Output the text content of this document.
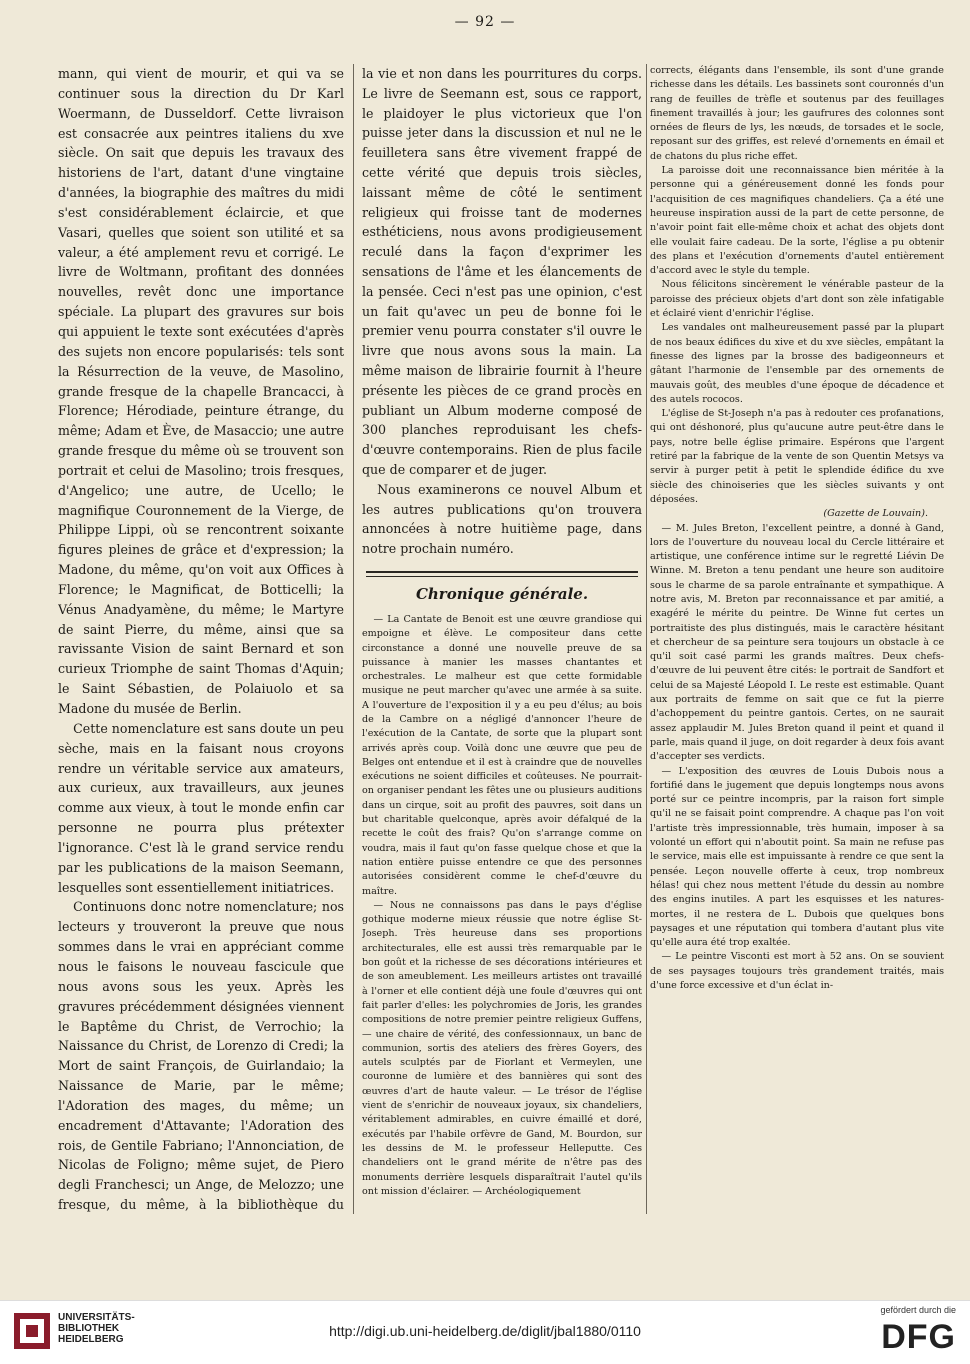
— 92 —

mann, qui vient de mourir, et qui va se continuer sous la direction du Dr Karl Woermann, de Dusseldorf. Cette livraison est consacrée aux peintres italiens du xve siècle. On sait que depuis les travaux des historiens de l'art, datant d'une vingtaine d'années, la biographie des maîtres du midi s'est considérablement éclaircie, et que Vasari, quelles que soient son utilité et sa valeur, a été amplement revu et corrigé. Le livre de Woltmann, profitant des données nouvelles, revêt donc une importance spéciale. La plupart des gravures sur bois qui appuient le texte sont exécutées d'après des sujets non encore popularisés: tels sont la Résurrection de la veuve, de Masolino, grande fresque de la chapelle Brancacci, à Florence; Hérodiade, peinture étrange, du même; Adam et Ève, de Masaccio; une autre grande fresque du même où se trouvent son portrait et celui de Masolino; trois fresques, d'Angelico; une autre, de Ucello; le magnifique Couronnement de la Vierge, de Philippe Lippi, où se rencontrent soixante figures pleines de grâce et d'expression; la Madone, du même, qu'on voit aux Offices à Florence; le Magnificat, de Botticelli; la Vénus Anadyamène, du même; le Martyre de saint Pierre, du même, ainsi que sa ravissante Vision de saint Bernard et son curieux Triomphe de saint Thomas d'Aquin; le Saint Sébastien, de Polaiuolo et sa Madone du musée de Berlin.

Cette nomenclature est sans doute un peu sèche, mais en la faisant nous croyons rendre un véritable service aux amateurs, aux curieux, aux travailleurs, aux jeunes comme aux vieux, à tout le monde enfin car personne ne pourra plus prétexter l'ignorance. C'est là le grand service rendu par les publications de la maison Seemann, lesquelles sont essentiellement initiatrices.

Continuons donc notre nomenclature; nos lecteurs y trouveront la preuve que nous sommes dans le vrai en appréciant comme nous le faisons le nouveau fascicule que nous avons sous les yeux. Après les gravures précédemment désignées viennent le Baptême du Christ, de Verrochio; la Naissance du Christ, de Lorenzo di Credi; la Mort de saint François, de Guirlandaio; la Naissance de Marie, par le même; l'Adoration des mages, du même; un encadrement d'Attavante; l'Adoration des rois, de Gentile Fabriano; l'Annonciation, de Nicolas de Foligno; même sujet, de Piero degli Franchesci; un Ange, de Melozzo; une fresque, du même, à la bibliothèque du

la vie et non dans les pourritures du corps. Le livre de Seemann est, sous ce rapport, le plaidoyer le plus victorieux que l'on puisse jeter dans la discussion et nul ne le feuilletera sans être vivement frappé de cette vérité que depuis trois siècles, laissant même de côté le sentiment religieux qui froisse tant de modernes esthéticiens, nous avons prodigieusement reculé dans la façon d'exprimer les sensations de l'âme et les élancements de la pensée. Ceci n'est pas une opinion, c'est un fait qu'avec un peu de bonne foi le premier venu pourra constater s'il ouvre le livre que nous avons sous la main. La même maison de librairie fournit à l'heure présente les pièces de ce grand procès en publiant un Album moderne composé de 300 planches reproduisant les chefs-d'œuvre contemporains. Rien de plus facile que de comparer et de juger.

Nous examinerons ce nouvel Album et les autres publications qu'on trouvera annoncées à notre huitième page, dans notre prochain numéro.

Chronique générale.

— La Cantate de Benoit est une œuvre grandiose qui empoigne et élève. Le compositeur dans cette circonstance a donné une nouvelle preuve de sa puissance à manier les masses chantantes et orchestrales. Le malheur est que cette formidable musique ne peut marcher qu'avec une armée à sa suite. A l'ouverture de l'exposition il y a eu peu d'élus; au bois de la Cambre on a négligé d'annoncer l'heure de l'exécution de la Cantate, de sorte que la plupart sont arrivés après coup. Voilà donc une œuvre que peu de Belges ont entendue et il est à craindre que de nouvelles exécutions ne soient difficiles et coûteuses. Ne pourrait-on organiser pendant les fêtes une ou plusieurs auditions dans un cirque, soit au profit des pauvres, soit dans un but charitable quelconque, après avoir défalqué de la recette le coût des frais? Qu'on s'arrange comme on voudra, mais il faut qu'on fasse quelque chose et que la nation entière puisse entendre ce que des personnes autorisées considèrent comme le chef-d'œuvre du maître.

— Nous ne connaissons pas dans le pays d'église gothique moderne mieux réussie que notre église St-Joseph. Très heureuse dans ses proportions architecturales, elle est aussi très remarquable par le bon goût et la richesse de ses décorations intérieures et de son ameublement. Les meilleurs artistes ont travaillé à l'orner et elle contient déjà une foule d'œuvres qui ont fait parler d'elles: les polychromies de Joris, les grandes compositions de notre premier peintre religieux Guffens, — une chaire de vérité, des confessionnaux, un banc de communion, sortis des ateliers des frères Goyers, des autels sculptés par de Fiorlant et Vermeylen, une couronne de lumière et des bannières qui sont des œuvres d'art de haute valeur. — Le trésor de l'église vient de s'enrichir de nouveaux joyaux, six chandeliers, véritablement admirables, en cuivre émaillé et doré, exécutés par l'habile orfèvre de Gand, M. Bourdon, sur les dessins de M. le professeur Helleputte. Ces chandeliers ont le grand mérite de n'être pas des monuments derrière lesquels disparaîtrait l'autel qu'ils ont mission d'éclairer. — Archéologiquement

corrects, élégants dans l'ensemble, ils sont d'une grande richesse dans les détails. Les bassinets sont couronnés d'un rang de feuilles de trèfle et soutenus par des feuillages finement travaillés à jour; les gaufrures des colonnes sont ornées de fleurs de lys, les nœuds, de torsades et le socle, reposant sur des griffes, est relevé d'ornements en émail et de chatons du plus riche effet.

La paroisse doit une reconnaissance bien méritée à la personne qui a généreusement donné les fonds pour l'acquisition de ces magnifiques chandeliers. Ça a été une heureuse inspiration aussi de la part de cette personne, de n'avoir point fait elle-même choix et achat des objets dont elle voulait faire cadeau. De la sorte, l'église a pu obtenir des plans et l'exécution d'ornements d'autel entièrement d'accord avec le style du temple.

Nous félicitons sincèrement le vénérable pasteur de la paroisse des précieux objets d'art dont son zèle infatigable et éclairé vient d'enrichir l'église.

Les vandales ont malheureusement passé par la plupart de nos beaux édifices du xive et du xve siècles, empâtant la finesse des lignes par la brosse des badigeonneurs et gâtant l'harmonie de l'ensemble par des ornements de mauvais goût, des meubles d'une époque de décadence et des autels rococos.

L'église de St-Joseph n'a pas à redouter ces profanations, qui ont déshonoré, plus qu'aucune autre peut-être dans le pays, notre belle église primaire. Espérons que l'argent retiré par la fabrique de la vente de son Quentin Metsys va servir à purger petit à petit le splendide édifice du xve siècle des chinoiseries que les siècles suivants y ont déposées.

(Gazette de Louvain).

— M. Jules Breton, l'excellent peintre, a donné à Gand, lors de l'ouverture du nouveau local du Cercle littéraire et artistique, une conférence intime sur le regretté Liévin De Winne. M. Breton a tenu pendant une heure son auditoire sous le charme de sa parole entraînante et sympathique. A notre avis, M. Breton par reconnaissance et par amitié, a exagéré le mérite du peintre. De Winne fut certes un portraitiste des plus distingués, mais le caractère hésitant et chercheur de sa peinture sera toujours un obstacle à ce qu'il soit casé parmi les grands maîtres. Deux chefs-d'œuvre de lui peuvent être cités: le portrait de Sandfort et celui de sa Majesté Léopold I. Le reste est estimable. Quant aux portraits de femme on sait que ce fut la pierre d'achoppement du peintre gantois. Certes, on ne saurait assez applaudir M. Jules Breton quand il peint et quand il parle, mais quand il juge, on doit regarder à deux fois avant d'accepter ses verdicts.

— L'exposition des œuvres de Louis Dubois nous a fortifié dans le jugement que depuis longtemps nous avons porté sur ce peintre incompris, par la raison fort simple qu'il ne se faisait point comprendre. A chaque pas l'on voit l'artiste très impressionnable, très humain, imposer à sa volonté un effort qui n'aboutit point. Sa main ne refuse pas le service, mais elle est impuissante à rendre ce que sent la pensée. Leçon nouvelle offerte à ceux, trop nombreux hélas! qui chez nous mettent l'étude du dessin au nombre des engins inutiles. A part les esquisses et les natures-mortes, il ne restera de L. Dubois que quelques bons paysages et une réputation qui tombera d'autant plus vite qu'elle aura été trop exaltée.

— Le peintre Visconti est mort à 52 ans. On se souvient de ses paysages toujours très grandement traités, mais d'une force excessive et d'un éclat in-

UNIVERSITÄTS-
BIBLIOTHEK
HEIDELBERG
http://digi.ub.uni-heidelberg.de/diglit/jbal1880/0110
gefördert durch die
DFG
